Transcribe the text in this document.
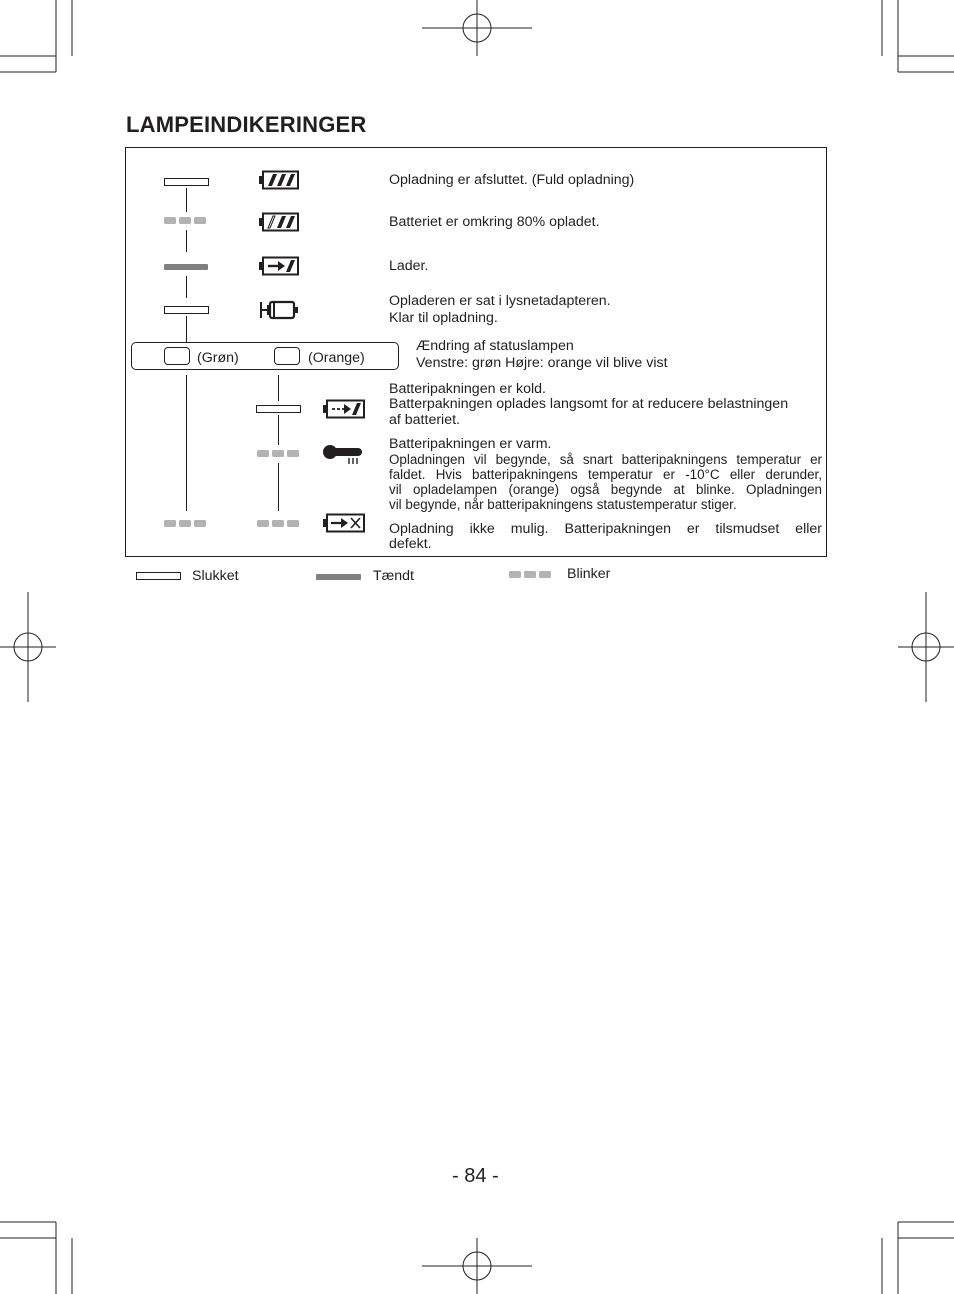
LAMPEINDIKERINGER
Opladning er afsluttet. (Fuld opladning)
Batteriet er omkring 80% opladet.
Lader.
Opladeren er sat i lysnetadapteren.
Klar til opladning.
(Grøn)	(Orange)
Ændring af statuslampen
Venstre: grøn Højre: orange vil blive vist
Batteripakningen er kold.
Batterpakningen oplades langsomt for at reducere belastningen
af batteriet.
Batteripakningen er varm.
Opladningen vil begynde, så snart batteripakningens temperatur er
faldet. Hvis batteripakningens temperatur er -10°C eller derunder,
vil opladelampen (orange) også begynde at blinke. Opladningen
vil begynde, når batteripakningens statustemperatur stiger.
Opladning ikke mulig. Batteripakningen er tilsmudset eller
defekt.
Slukket	Tændt	Blinker
- 84 -
